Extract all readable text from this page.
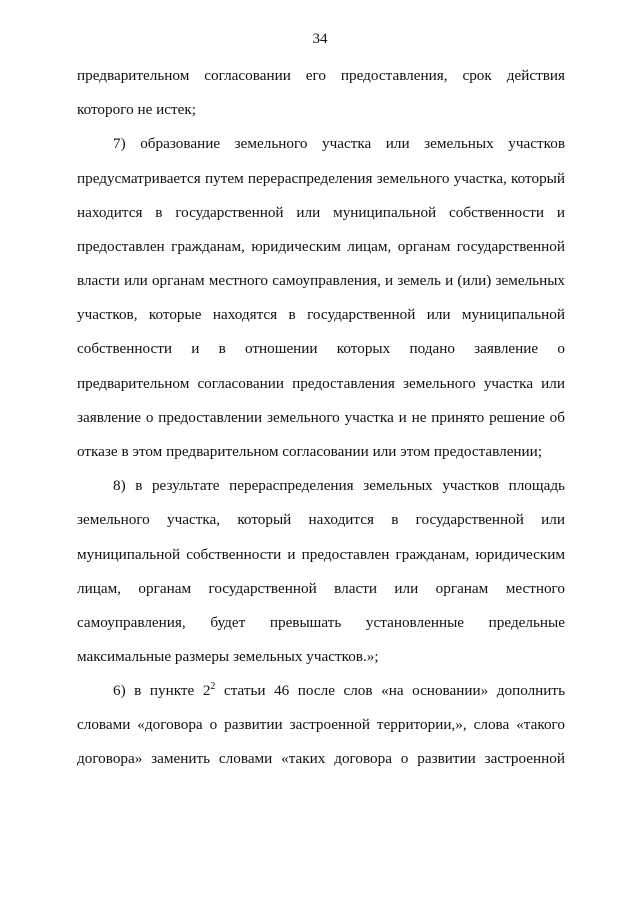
34
предварительном согласовании его предоставления, срок действия
которого не истек;
7) образование земельного участка или земельных участков
предусматривается путем перераспределения земельного участка, который
находится в государственной или муниципальной собственности и
предоставлен гражданам, юридическим лицам, органам государственной
власти или органам местного самоуправления, и земель и (или) земельных
участков, которые находятся в государственной или муниципальной
собственности и в отношении которых подано заявление о
предварительном согласовании предоставления земельного участка или
заявление о предоставлении земельного участка и не принято решение об
отказе в этом предварительном согласовании или этом предоставлении;
8) в результате перераспределения земельных участков площадь
земельного участка, который находится в государственной или
муниципальной собственности и предоставлен гражданам, юридическим
лицам, органам государственной власти или органам местного
самоуправления, будет превышать установленные предельные
максимальные размеры земельных участков.»;
6) в пункте $2^2$ статьи 46 после слов «на основании» дополнить
словами «договора о развитии застроенной территории,», слова «такого
договора» заменить словами «таких договора о развитии застроенной
